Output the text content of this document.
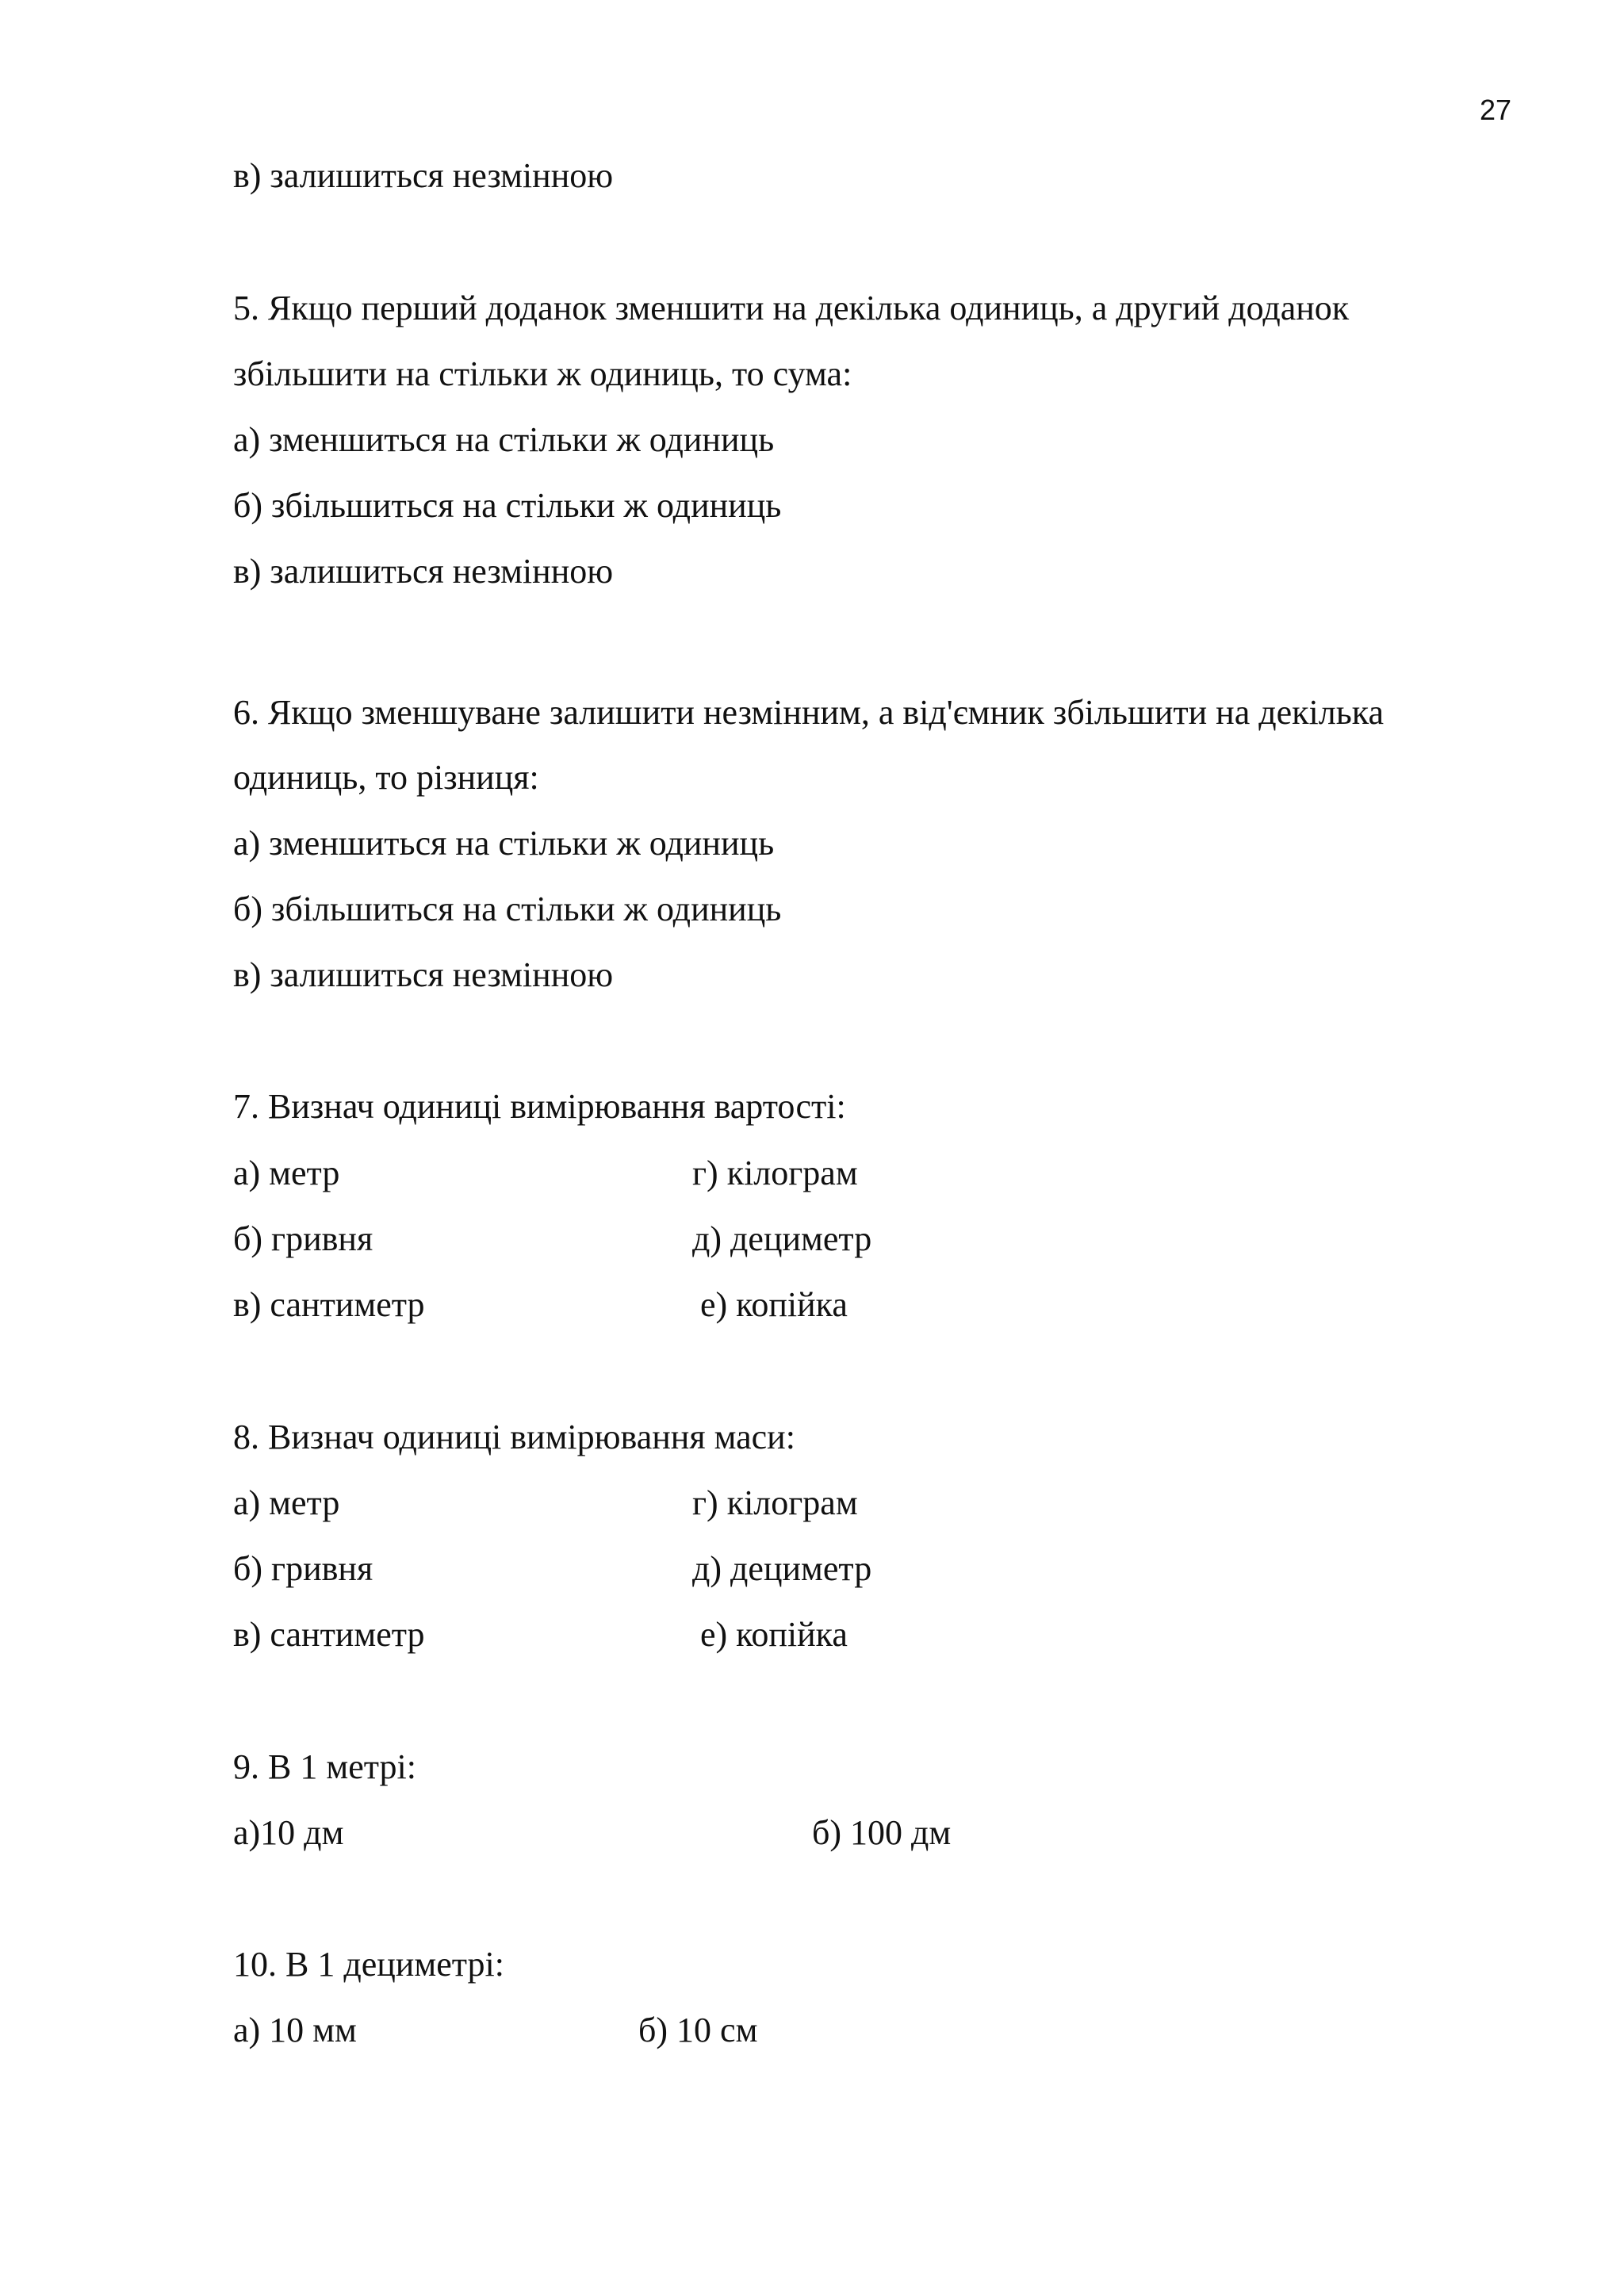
27
в) залишиться незмінною
5. Якщо перший доданок зменшити на декілька одиниць, а другий доданок
збільшити на стільки ж одиниць, то сума:
а) зменшиться на стільки ж одиниць
б) збільшиться на стільки ж одиниць
в) залишиться незмінною
6. Якщо зменшуване залишити незмінним, а від'ємник збільшити на декілька
одиниць, то різниця:
а) зменшиться на стільки ж одиниць
б) збільшиться на стільки ж одиниць
в) залишиться незмінною
7. Визнач одиниці вимірювання вартості:
а) метр	г) кілограм
б) гривня	д) дециметр
в) сантиметр	е) копійка
8. Визнач одиниці вимірювання маси:
а) метр	г) кілограм
б) гривня	д) дециметр
в) сантиметр	е) копійка
9. В 1 метрі:
а)10 дм	б) 100 дм
10. В 1 дециметрі:
а) 10 мм	б) 10 см
